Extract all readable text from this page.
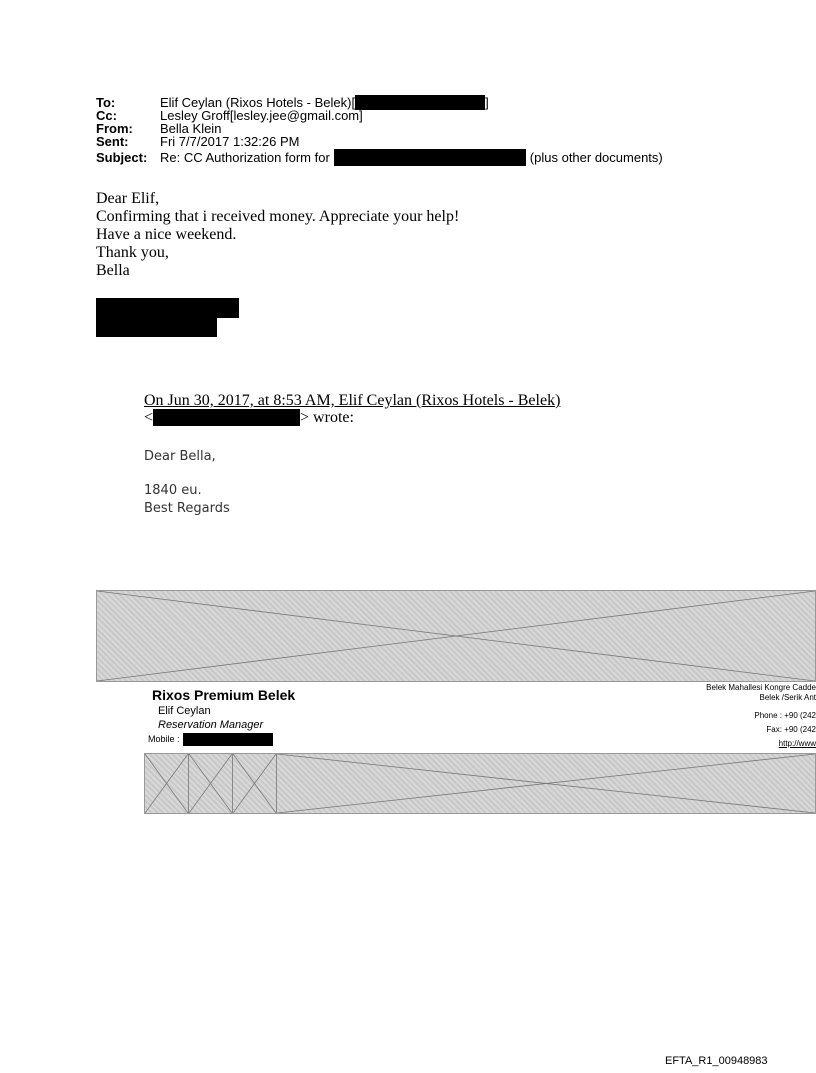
To:	Elif Ceylan (Rixos Hotels - Belek)[	]
Cc:	Lesley Groff[lesley.jee@gmail.com]
From:	Bella Klein
Sent:	Fri 7/7/2017 1:32:26 PM
Subject: Re: CC Authorization form for	(plus other documents)
Dear Elif,
Confirming that i received money. Appreciate your help!
Have a nice weekend.
Thank you,
Bella
On Jun 30, 2017, at 8:53 AM, Elif Ceylan (Rixos Hotels - Belek)
<	> wrote:
Dear Bella,
1840 eu.
Best Regards
Rixos Premium Belek
Elif Ceylan
Reservation Manager
Mobile :
Belek Mahallesi Kongre Cadde
Belek /Serik Ant
Phone : +90 (242
Fax: +90 (242
http://www
EFTA_R1_00948983
